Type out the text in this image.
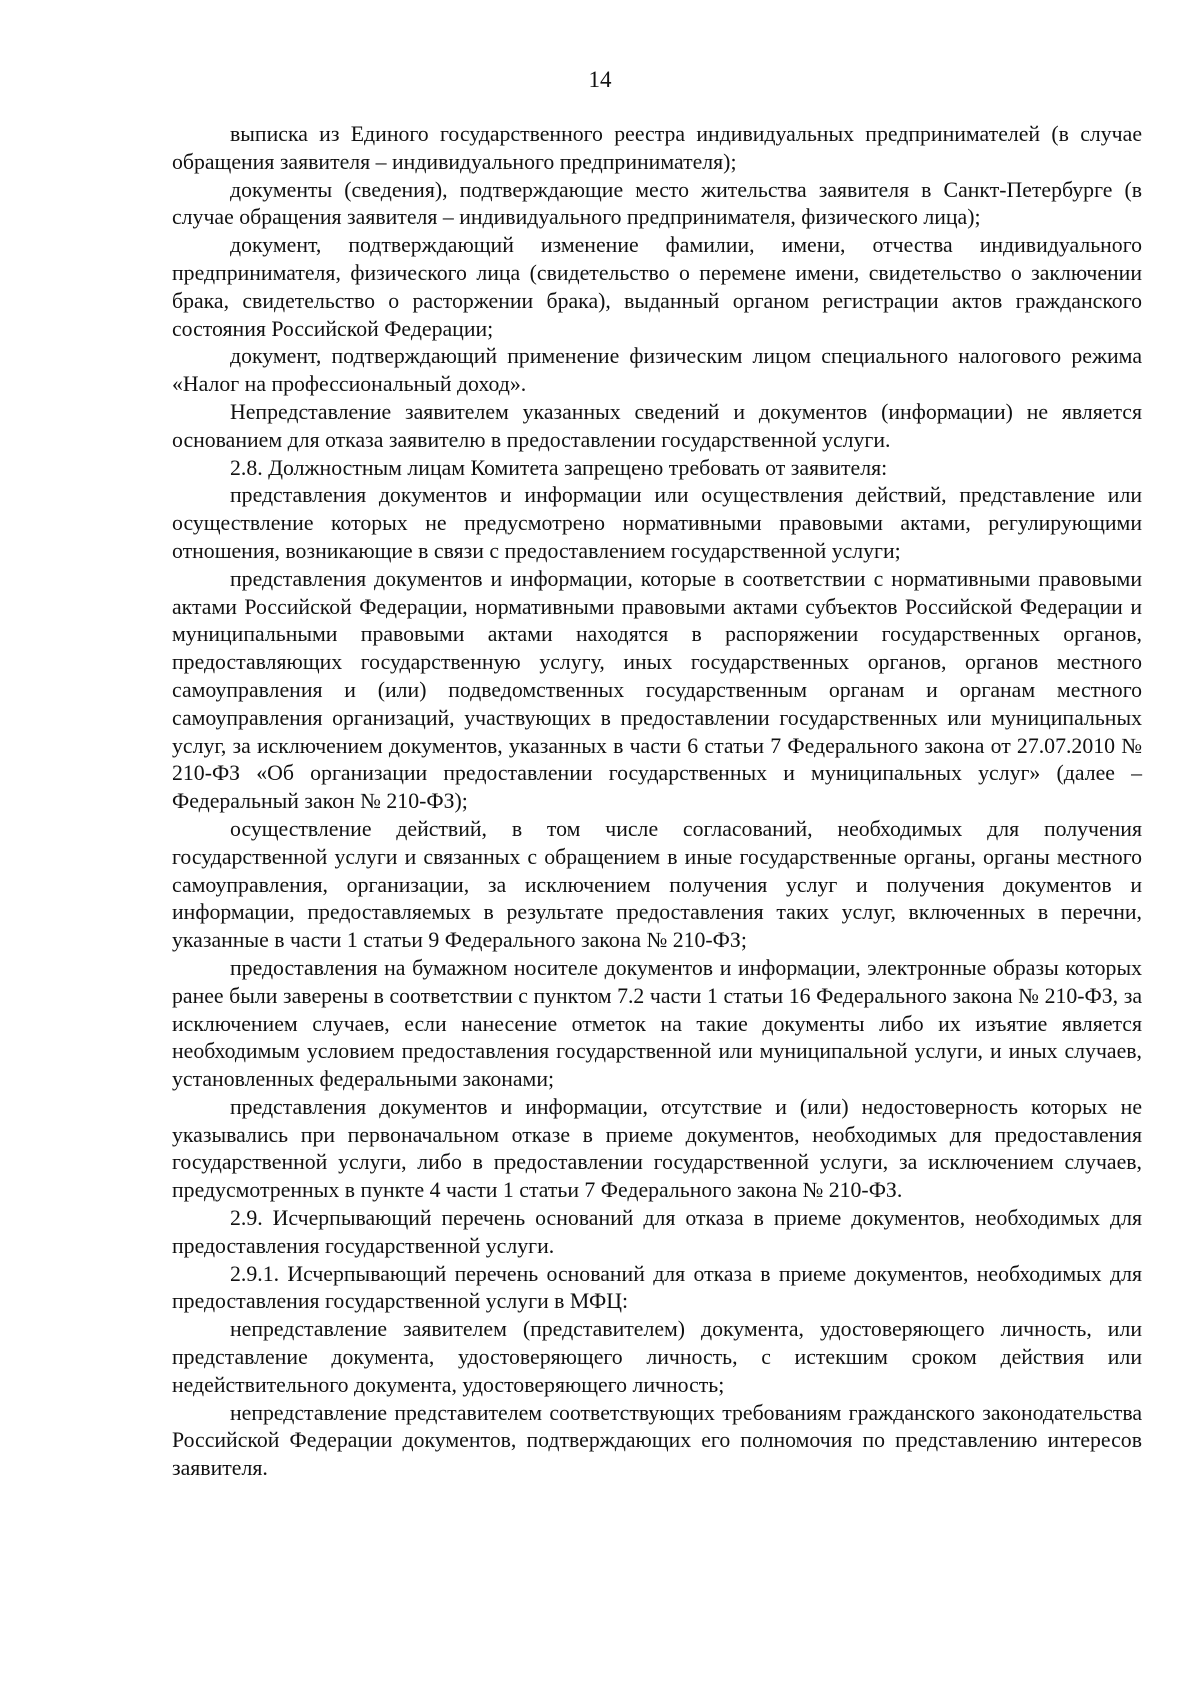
14

выписка из Единого государственного реестра индивидуальных предпринимателей (в случае обращения заявителя – индивидуального предпринимателя);

документы (сведения), подтверждающие место жительства заявителя в Санкт-Петербурге (в случае обращения заявителя – индивидуального предпринимателя, физического лица);

документ, подтверждающий изменение фамилии, имени, отчества индивидуального предпринимателя, физического лица (свидетельство о перемене имени, свидетельство о заключении брака, свидетельство о расторжении брака), выданный органом регистрации актов гражданского состояния Российской Федерации;

документ, подтверждающий применение физическим лицом специального налогового режима «Налог на профессиональный доход».

Непредставление заявителем указанных сведений и документов (информации) не является основанием для отказа заявителю в предоставлении государственной услуги.

2.8. Должностным лицам Комитета запрещено требовать от заявителя:

представления документов и информации или осуществления действий, представление или осуществление которых не предусмотрено нормативными правовыми актами, регулирующими отношения, возникающие в связи с предоставлением государственной услуги;

представления документов и информации, которые в соответствии с нормативными правовыми актами Российской Федерации, нормативными правовыми актами субъектов Российской Федерации и муниципальными правовыми актами находятся в распоряжении государственных органов, предоставляющих государственную услугу, иных государственных органов, органов местного самоуправления и (или) подведомственных государственным органам и органам местного самоуправления организаций, участвующих в предоставлении государственных или муниципальных услуг, за исключением документов, указанных в части 6 статьи 7 Федерального закона от 27.07.2010 № 210-ФЗ «Об организации предоставлении государственных и муниципальных услуг» (далее – Федеральный закон № 210-ФЗ);

осуществление действий, в том числе согласований, необходимых для получения государственной услуги и связанных с обращением в иные государственные органы, органы местного самоуправления, организации, за исключением получения услуг и получения документов и информации, предоставляемых в результате предоставления таких услуг, включенных в перечни, указанные в части 1 статьи 9 Федерального закона № 210-ФЗ;

предоставления на бумажном носителе документов и информации, электронные образы которых ранее были заверены в соответствии с пунктом 7.2 части 1 статьи 16 Федерального закона № 210-ФЗ, за исключением случаев, если нанесение отметок на такие документы либо их изъятие является необходимым условием предоставления государственной или муниципальной услуги, и иных случаев, установленных федеральными законами;

представления документов и информации, отсутствие и (или) недостоверность которых не указывались при первоначальном отказе в приеме документов, необходимых для предоставления государственной услуги, либо в предоставлении государственной услуги, за исключением случаев, предусмотренных в пункте 4 части 1 статьи 7 Федерального закона № 210-ФЗ.

2.9. Исчерпывающий перечень оснований для отказа в приеме документов, необходимых для предоставления государственной услуги.

2.9.1. Исчерпывающий перечень оснований для отказа в приеме документов, необходимых для предоставления государственной услуги в МФЦ:

непредставление заявителем (представителем) документа, удостоверяющего личность, или представление документа, удостоверяющего личность, с истекшим сроком действия или недействительного документа, удостоверяющего личность;

непредставление представителем соответствующих требованиям гражданского законодательства Российской Федерации документов, подтверждающих его полномочия по представлению интересов заявителя.
